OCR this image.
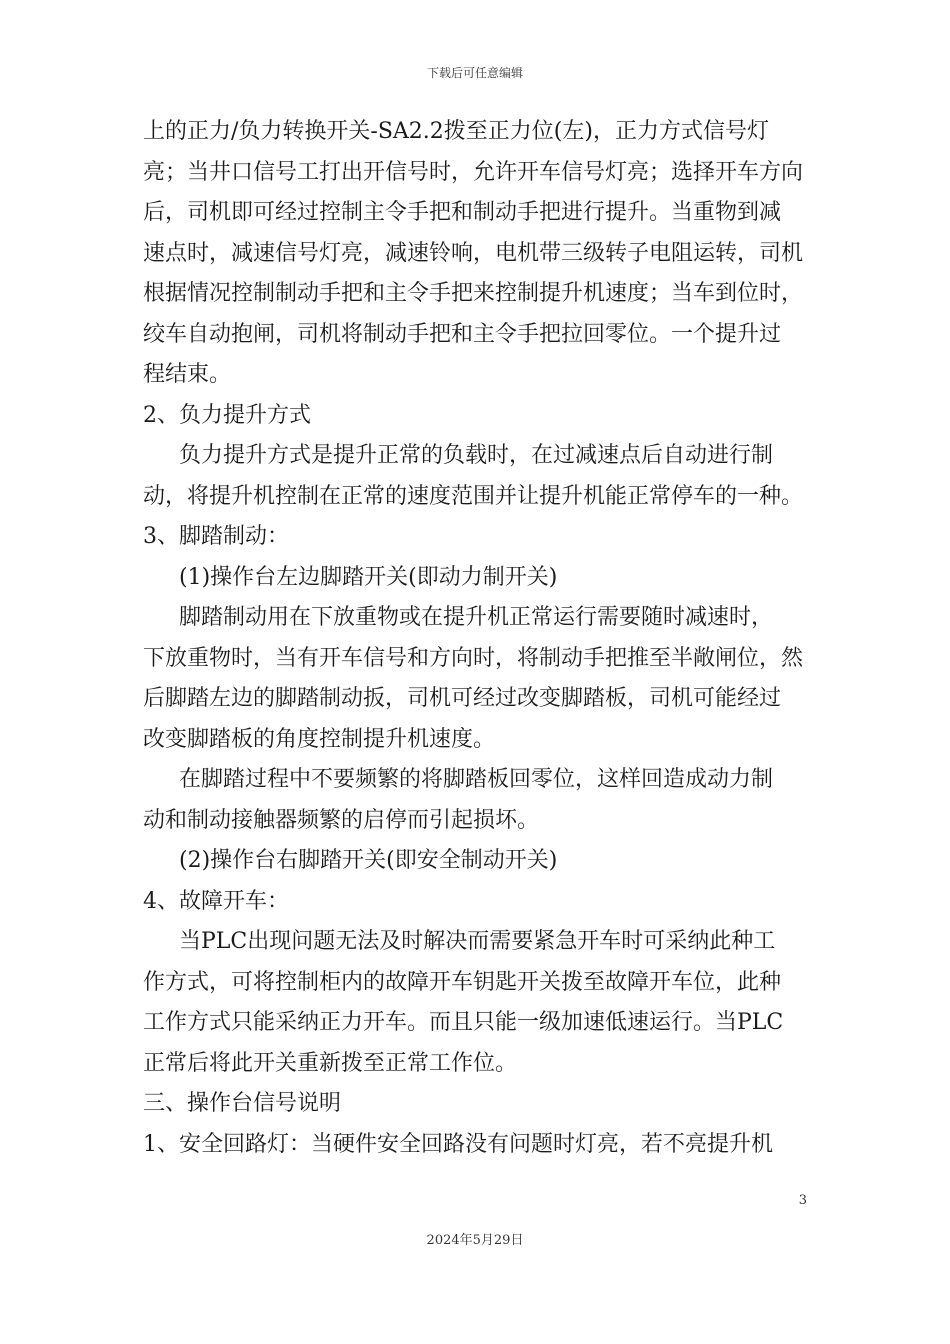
下载后可任意编辑
上的正力/负力转换开关-SA2.2拨至正力位(左)，正力方式信号灯
亮；当井口信号工打出开信号时，允许开车信号灯亮；选择开车方向
后，司机即可经过控制主令手把和制动手把进行提升。当重物到减
速点时，减速信号灯亮，减速铃响，电机带三级转子电阻运转，司机
根据情况控制制动手把和主令手把来控制提升机速度；当车到位时，
绞车自动抱闸，司机将制动手把和主令手把拉回零位。一个提升过
程结束。
2、负力提升方式
负力提升方式是提升正常的负载时，在过减速点后自动进行制
动，将提升机控制在正常的速度范围并让提升机能正常停车的一种。
3、脚踏制动：
(1)操作台左边脚踏开关(即动力制开关)
脚踏制动用在下放重物或在提升机正常运行需要随时减速时，
下放重物时，当有开车信号和方向时，将制动手把推至半敞闸位，然
后脚踏左边的脚踏制动扳，司机可经过改变脚踏板，司机可能经过
改变脚踏板的角度控制提升机速度。
在脚踏过程中不要频繁的将脚踏板回零位，这样回造成动力制
动和制动接触器频繁的启停而引起损坏。
(2)操作台右脚踏开关(即安全制动开关)
4、故障开车：
当PLC出现问题无法及时解决而需要紧急开车时可采纳此种工
作方式，可将控制柜内的故障开车钥匙开关拨至故障开车位，此种
工作方式只能采纳正力开车。而且只能一级加速低速运行。当PLC
正常后将此开关重新拨至正常工作位。
三、操作台信号说明
1、安全回路灯：当硬件安全回路没有问题时灯亮，若不亮提升机
3
2024年5月29日
